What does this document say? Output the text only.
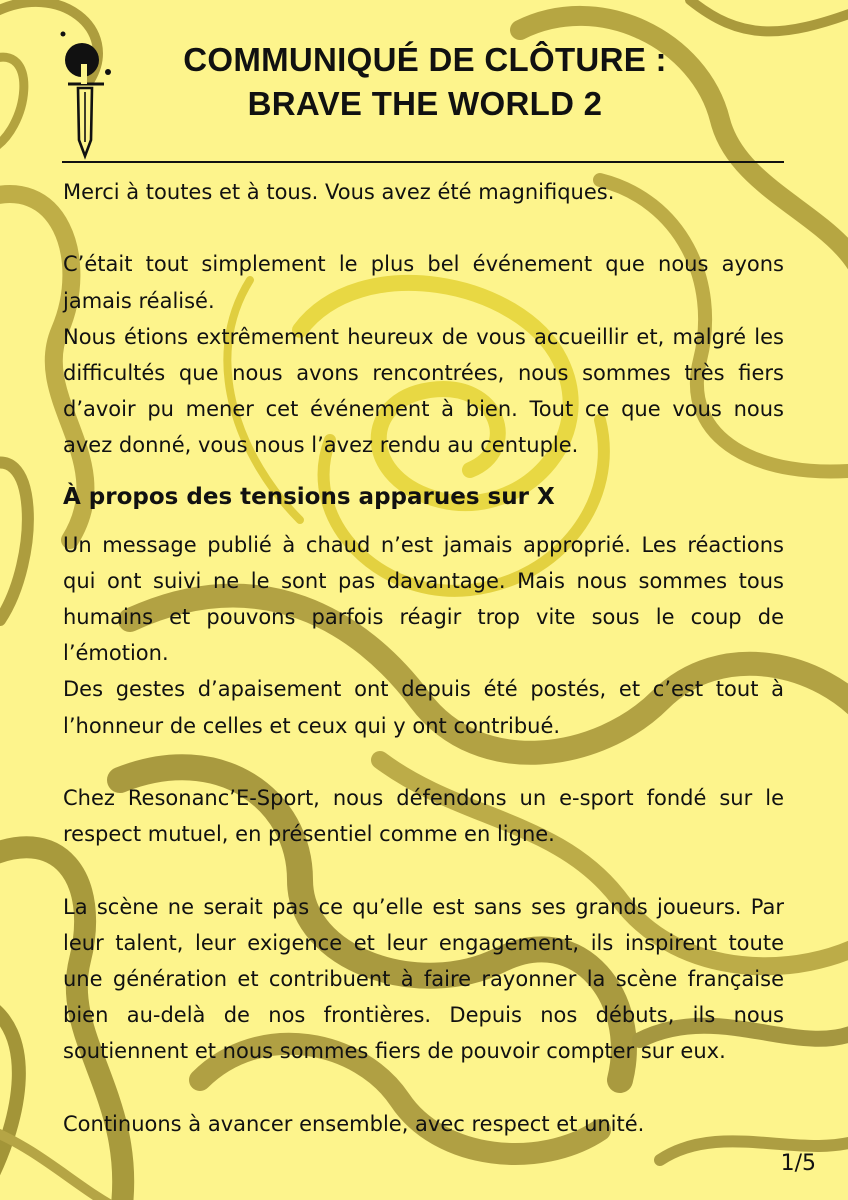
COMMUNIQUÉ DE CLÔTURE :
BRAVE THE WORLD 2

Merci à toutes et à tous. Vous avez été magnifiques.

C’était tout simplement le plus bel événement que nous ayons jamais réalisé.

Nous étions extrêmement heureux de vous accueillir et, malgré les difficultés que nous avons rencontrées, nous sommes très fiers d’avoir pu mener cet événement à bien. Tout ce que vous nous avez donné, vous nous l’avez rendu au centuple.

À propos des tensions apparues sur X

Un message publié à chaud n’est jamais approprié. Les réactions qui ont suivi ne le sont pas davantage. Mais nous sommes tous humains et pouvons parfois réagir trop vite sous le coup de l’émotion.

Des gestes d’apaisement ont depuis été postés, et c’est tout à l’honneur de celles et ceux qui y ont contribué.

Chez Resonanc’E-Sport, nous défendons un e-sport fondé sur le respect mutuel, en présentiel comme en ligne.

La scène ne serait pas ce qu’elle est sans ses grands joueurs. Par leur talent, leur exigence et leur engagement, ils inspirent toute une génération et contribuent à faire rayonner la scène française bien au-delà de nos frontières. Depuis nos débuts, ils nous soutiennent et nous sommes fiers de pouvoir compter sur eux.

Continuons à avancer ensemble, avec respect et unité.

1/5
